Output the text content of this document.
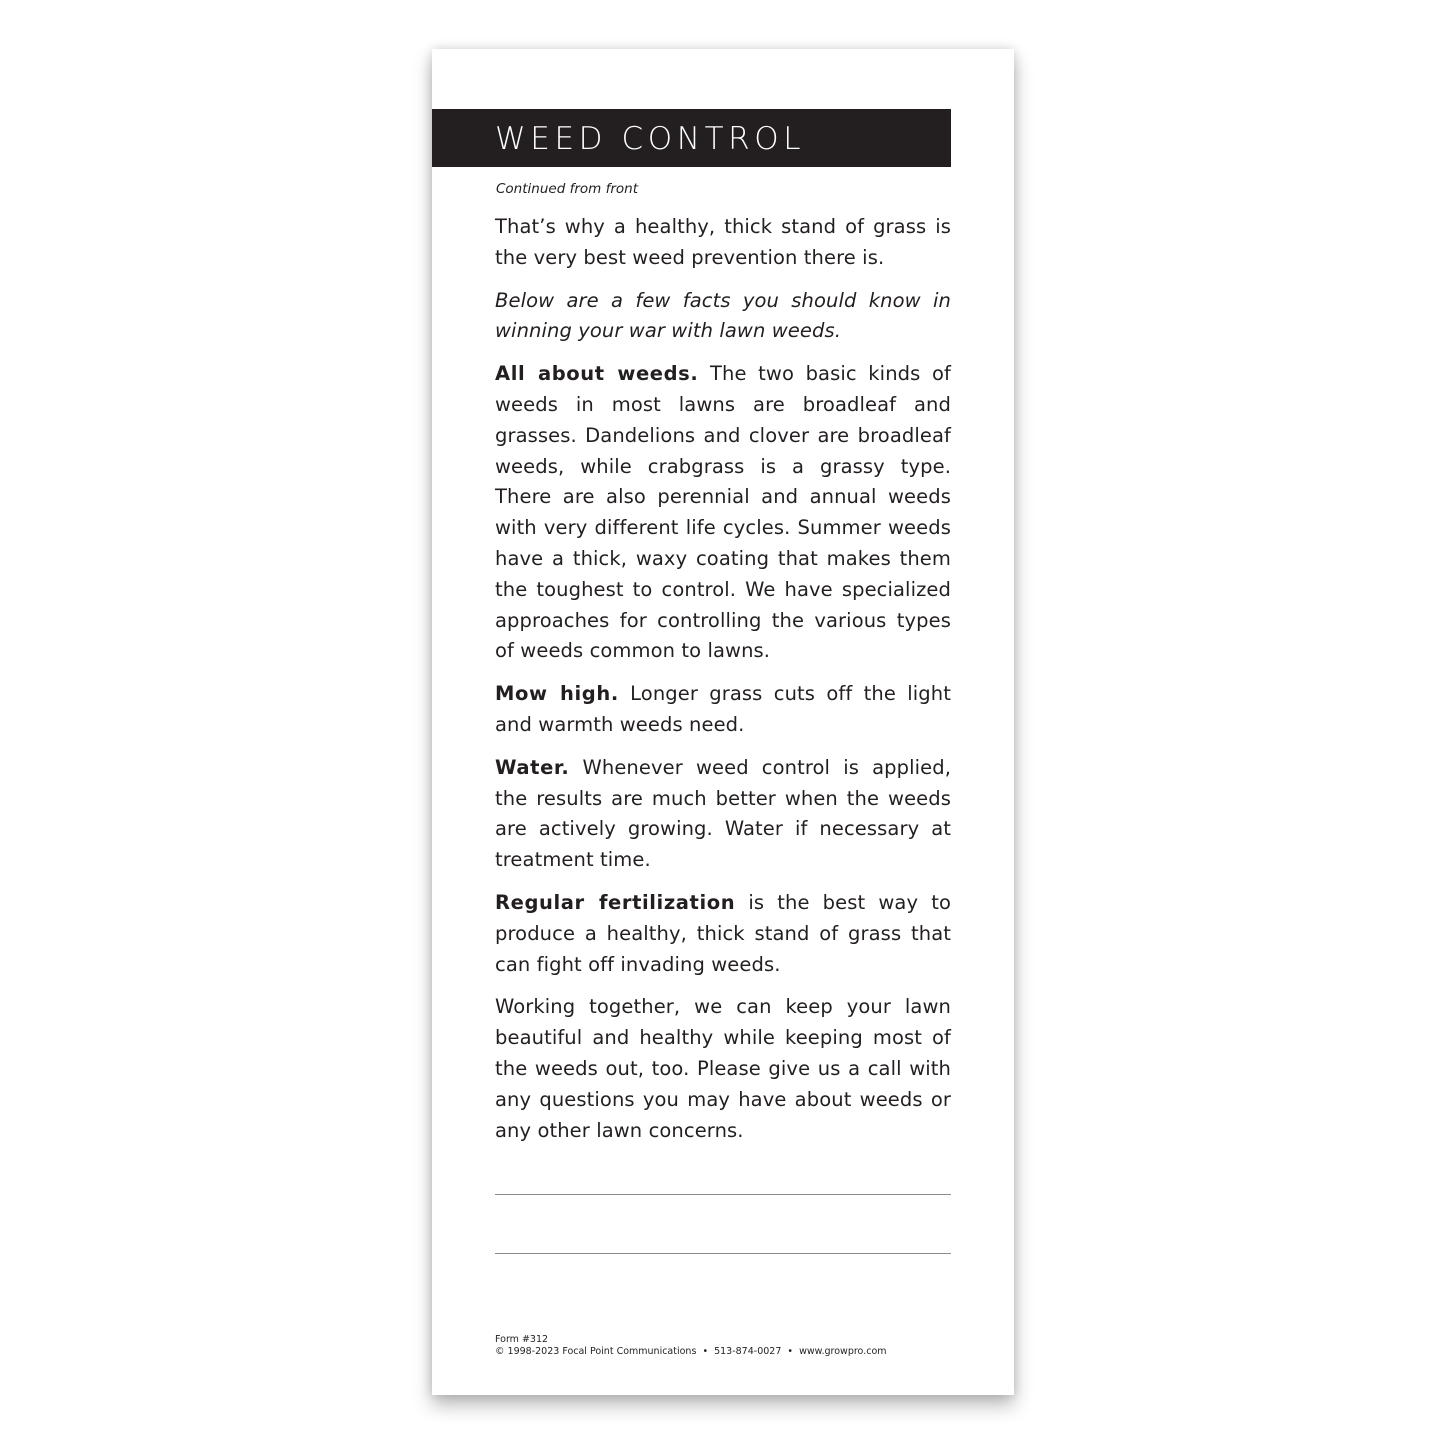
WEED CONTROL
Continued from front

That’s why a healthy, thick stand of grass is the very best weed prevention there is.

Below are a few facts you should know in winning your war with lawn weeds.

All about weeds. The two basic kinds of weeds in most lawns are broadleaf and grasses. Dandelions and clover are broadleaf weeds, while crabgrass is a grassy type. There are also perennial and annual weeds with very different life cycles. Summer weeds have a thick, waxy coating that makes them the toughest to control. We have specialized approaches for controlling the various types of weeds common to lawns.

Mow high. Longer grass cuts off the light and warmth weeds need.

Water. Whenever weed control is applied, the results are much better when the weeds are actively growing. Water if necessary at treatment time.

Regular fertilization is the best way to produce a healthy, thick stand of grass that can fight off invading weeds.

Working together, we can keep your lawn beautiful and healthy while keeping most of the weeds out, too. Please give us a call with any questions you may have about weeds or any other lawn concerns.

Form #312
© 1998-2023 Focal Point Communications • 513-874-0027 • www.growpro.com
